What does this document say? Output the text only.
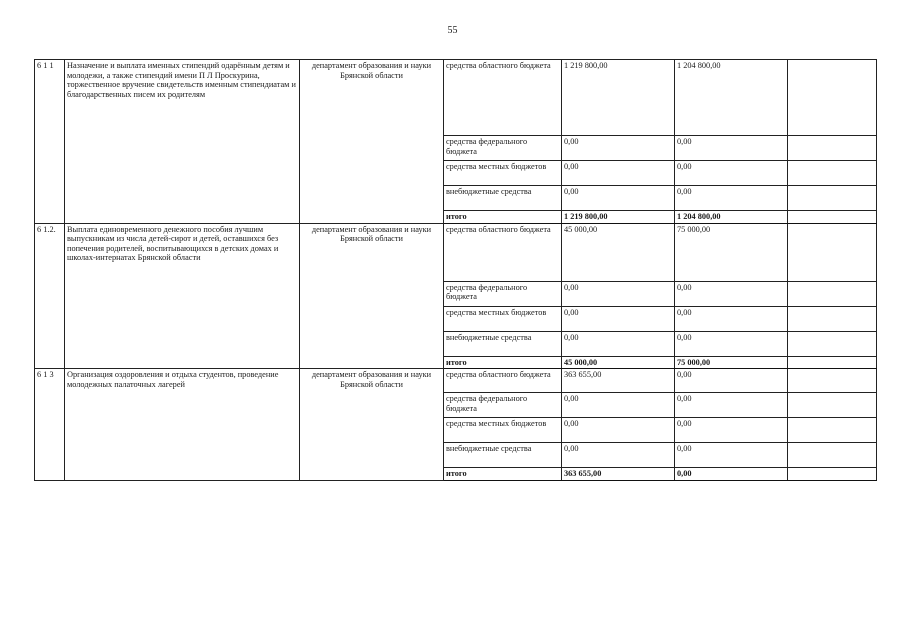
55
6 1 1	Назначение и выплата именных стипендий одарённым детям и молодежи, а также стипендий имени П Л Проскурина, торжественное вручение свидетельств именным стипендиатам и благодарственных писем их родителям	департамент образования и науки Брянской области	средства областного бюджета	1 219 800,00	1 204 800,00	
			средства федерального бюджета	0,00	0,00	
			средства местных бюджетов	0,00	0,00	
			внебюджетные средства	0,00	0,00	
			итого	1 219 800,00	1 204 800,00	
6 1.2.	Выплата единовременного денежного пособия лучшим выпускникам из числа детей-сирот и детей, оставшихся без попечения родителей, воспитывающихся в детских домах и школах-интернатах Брянской области	департамент образования и науки Брянской области	средства областного бюджета	45 000,00	75 000,00	
			средства федерального бюджета	0,00	0,00	
			средства местных бюджетов	0,00	0,00	
			внебюджетные средства	0,00	0,00	
			итого	45 000,00	75 000,00	
6 1 3	Организация оздоровления и отдыха студентов, проведение молодежных палаточных лагерей	департамент образования и науки Брянской области	средства областного бюджета	363 655,00	0,00	
			средства федерального бюджета	0,00	0,00	
			средства местных бюджетов	0,00	0,00	
			внебюджетные средства	0,00	0,00	
			итого	363 655,00	0,00	
